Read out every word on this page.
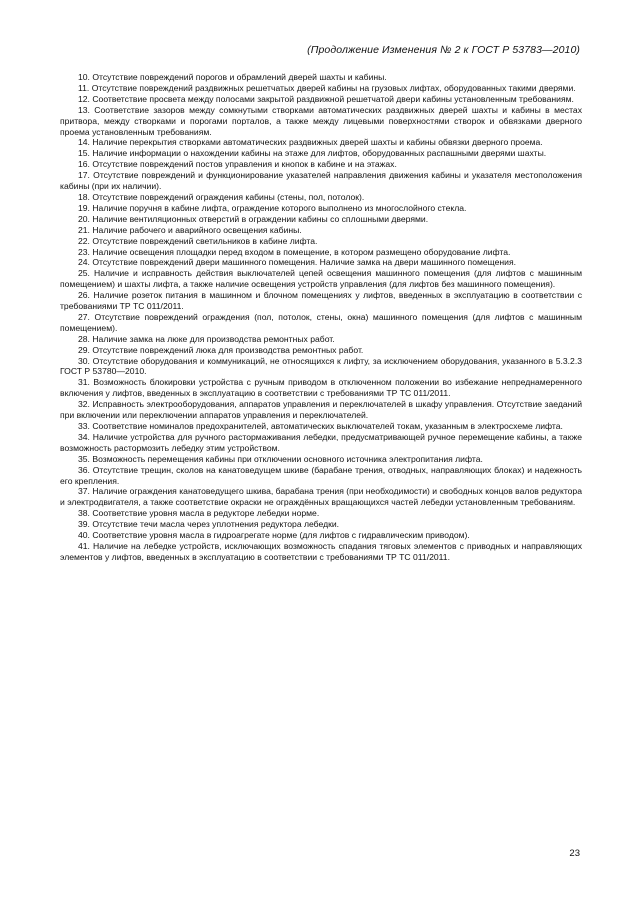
(Продолжение Изменения № 2 к ГОСТ Р 53783—2010)

10. Отсутствие повреждений порогов и обрамлений дверей шахты и кабины.

11. Отсутствие повреждений раздвижных решетчатых дверей кабины на грузовых лифтах, оборудованных такими дверями.

12. Соответствие просвета между полосами закрытой раздвижной решетчатой двери кабины установленным требованиям.

13. Соответствие зазоров между сомкнутыми створками автоматических раздвижных дверей шахты и кабины в местах притвора, между створками и порогами порталов, а также между лицевыми поверхностями створок и обвязками дверного проема установленным требованиям.

14. Наличие перекрытия створками автоматических раздвижных дверей шахты и кабины обвязки дверного проема.

15. Наличие информации о нахождении кабины на этаже для лифтов, оборудованных распашными дверями шахты.

16. Отсутствие повреждений постов управления и кнопок в кабине и на этажах.

17. Отсутствие повреждений и функционирование указателей направления движения кабины и указателя местоположения кабины (при их наличии).

18. Отсутствие повреждений ограждения кабины (стены, пол, потолок).

19. Наличие поручня в кабине лифта, ограждение которого выполнено из многослойного стекла.

20. Наличие вентиляционных отверстий в ограждении кабины со сплошными дверями.

21. Наличие рабочего и аварийного освещения кабины.

22. Отсутствие повреждений светильников в кабине лифта.

23. Наличие освещения площадки перед входом в помещение, в котором размещено оборудование лифта.

24. Отсутствие повреждений двери машинного помещения. Наличие замка на двери машинного помещения.

25. Наличие и исправность действия выключателей цепей освещения машинного помещения (для лифтов с машинным помещением) и шахты лифта, а также наличие освещения устройств управления (для лифтов без машинного помещения).

26. Наличие розеток питания в машинном и блочном помещениях у лифтов, введенных в эксплуатацию в соответствии с требованиями ТР ТС 011/2011.

27. Отсутствие повреждений ограждения (пол, потолок, стены, окна) машинного помещения (для лифтов с машинным помещением).

28. Наличие замка на люке для производства ремонтных работ.

29. Отсутствие повреждений люка для производства ремонтных работ.

30. Отсутствие оборудования и коммуникаций, не относящихся к лифту, за исключением оборудования, указанного в 5.3.2.3 ГОСТ Р 53780—2010.

31. Возможность блокировки устройства с ручным приводом в отключенном положении во избежание непреднамеренного включения у лифтов, введенных в эксплуатацию в соответствии с требованиями ТР ТС 011/2011.

32. Исправность электрооборудования, аппаратов управления и переключателей в шкафу управления. Отсутствие заеданий при включении или переключении аппаратов управления и переключателей.

33. Соответствие номиналов предохранителей, автоматических выключателей токам, указанным в электросхеме лифта.

34. Наличие устройства для ручного растормаживания лебедки, предусматривающей ручное перемещение кабины, а также возможность растормозить лебедку этим устройством.

35. Возможность перемещения кабины при отключении основного источника электропитания лифта.

36. Отсутствие трещин, сколов на канатоведущем шкиве (барабане трения, отводных, направляющих блоках) и надежность его крепления.

37. Наличие ограждения канатоведущего шкива, барабана трения (при необходимости) и свободных концов валов редуктора и электродвигателя, а также соответствие окраски не ограждённых вращающихся частей лебедки установленным требованиям.

38. Соответствие уровня масла в редукторе лебедки норме.

39. Отсутствие течи масла через уплотнения редуктора лебедки.

40. Соответствие уровня масла в гидроагрегате норме (для лифтов с гидравлическим приводом).

41. Наличие на лебедке устройств, исключающих возможность спадания тяговых элементов с приводных и направляющих элементов у лифтов, введенных в эксплуатацию в соответствии с требованиями ТР ТС 011/2011.

23
